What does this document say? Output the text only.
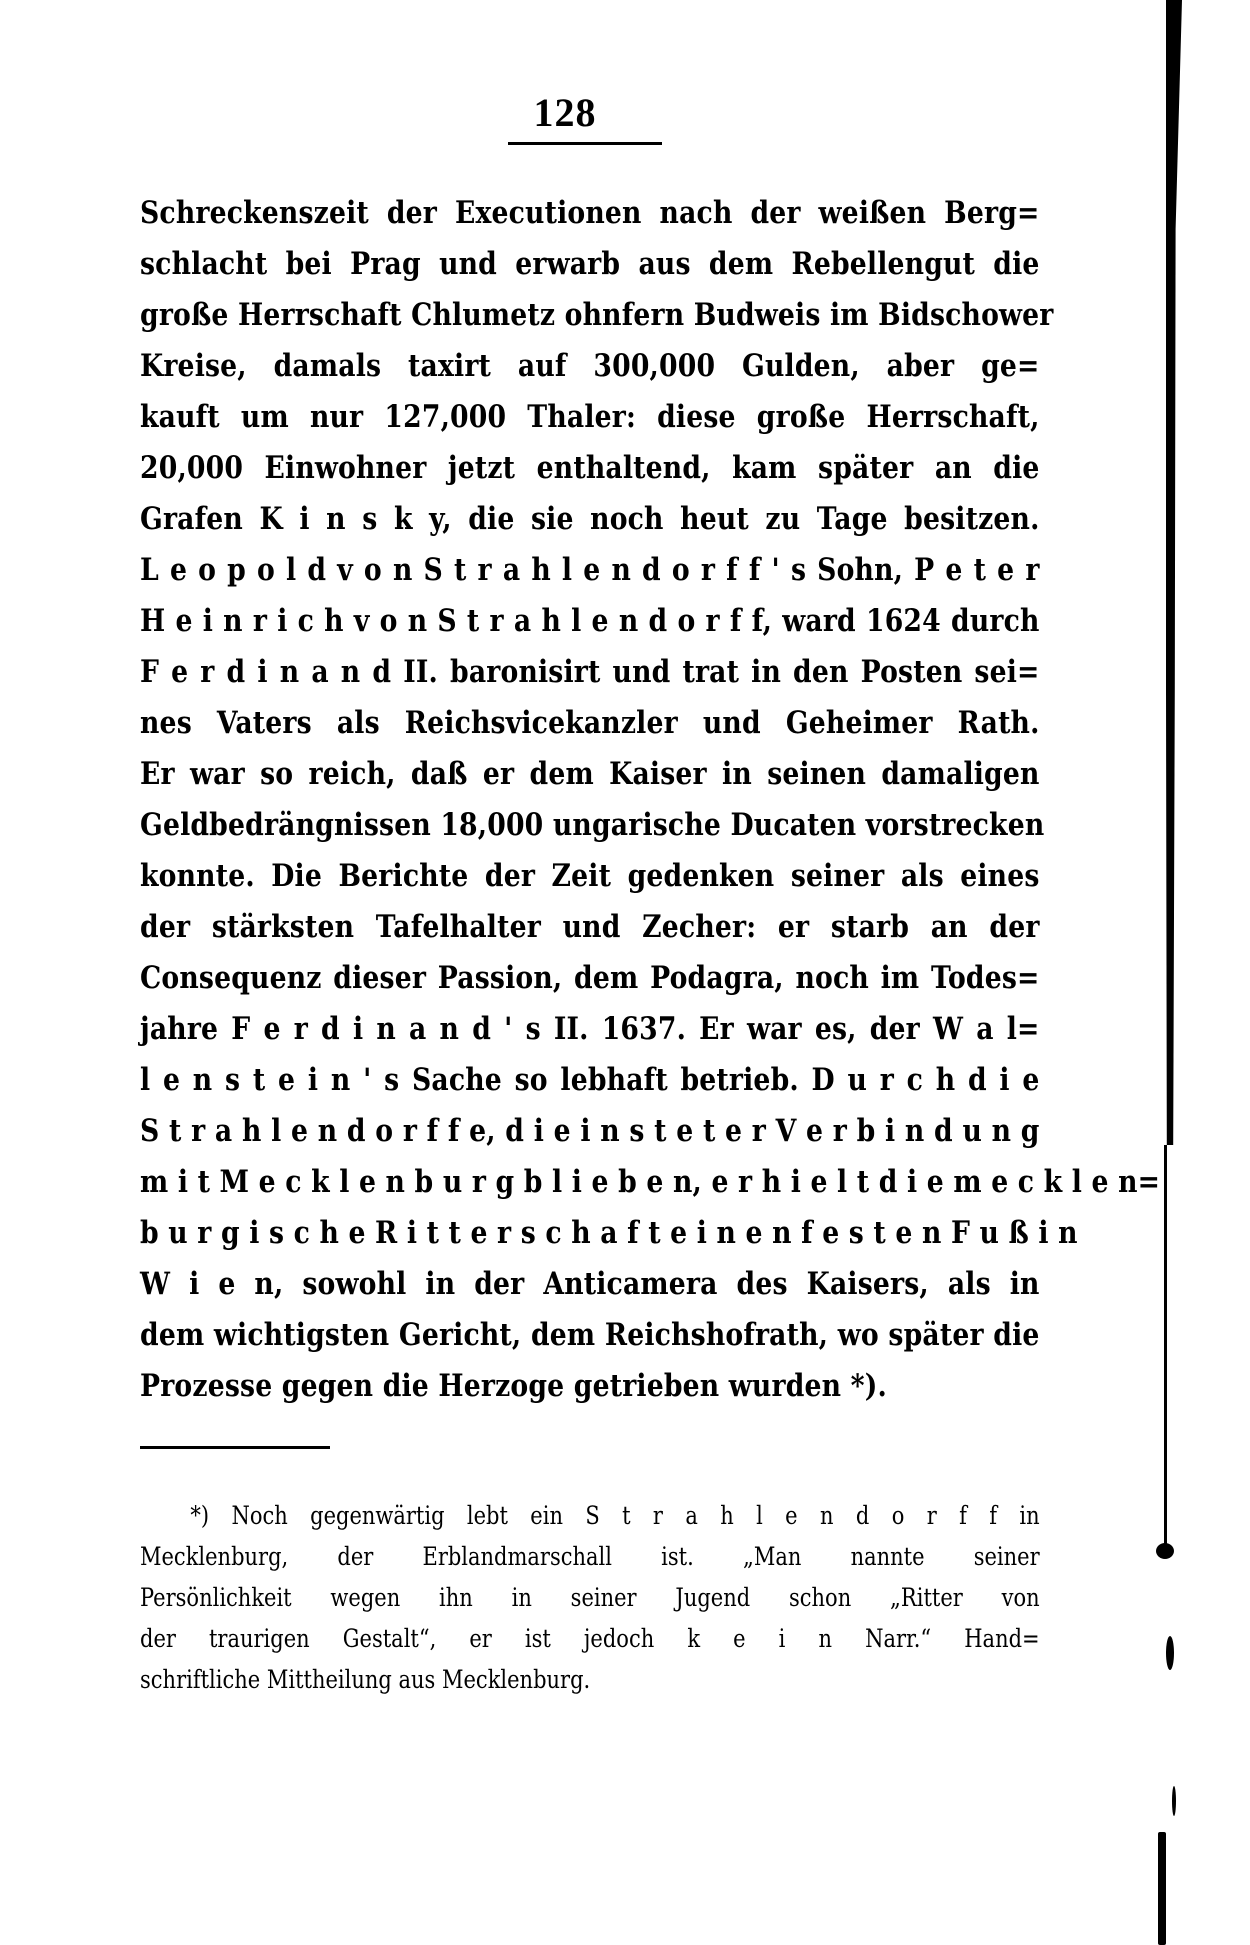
128
Schreckenszeit der Executionen nach der weißen Berg=
schlacht bei Prag und erwarb aus dem Rebellengut die
große Herrschaft Chlumetz ohnfern Budweis im Bidschower
Kreise, damals taxirt auf 300,000 Gulden, aber ge=
kauft um nur 127,000 Thaler: diese große Herrschaft,
20,000 Einwohner jetzt enthaltend, kam später an die
Grafen K i n s k y, die sie noch heut zu Tage besitzen.
L e o p o l d v o n S t r a h l e n d o r f f ' s Sohn, P e t e r
H e i n r i c h v o n S t r a h l e n d o r f f, ward 1624 durch
F e r d i n a n d II. baronisirt und trat in den Posten sei=
nes Vaters als Reichsvicekanzler und Geheimer Rath.
Er war so reich, daß er dem Kaiser in seinen damaligen
Geldbedrängnissen 18,000 ungarische Ducaten vorstrecken
konnte. Die Berichte der Zeit gedenken seiner als eines
der stärksten Tafelhalter und Zecher: er starb an der
Consequenz dieser Passion, dem Podagra, noch im Todes=
jahre F e r d i n a n d ' s II. 1637. Er war es, der W a l=
l e n s t e i n ' s Sache so lebhaft betrieb. D u r c h d i e
S t r a h l e n d o r f f e, d i e i n s t e t e r V e r b i n d u n g
m i t M e c k l e n b u r g b l i e b e n, e r h i e l t d i e m e c k l e n=
b u r g i s c h e R i t t e r s c h a f t e i n e n f e s t e n F u ß i n
W i e n, sowohl in der Anticamera des Kaisers, als in
dem wichtigsten Gericht, dem Reichshofrath, wo später die
Prozesse gegen die Herzoge getrieben wurden *).
*) Noch gegenwärtig lebt ein S t r a h l e n d o r f f in
Mecklenburg, der Erblandmarschall ist. „Man nannte seiner
Persönlichkeit wegen ihn in seiner Jugend schon „Ritter von
der traurigen Gestalt“, er ist jedoch k e i n Narr.“ Hand=
schriftliche Mittheilung aus Mecklenburg.
